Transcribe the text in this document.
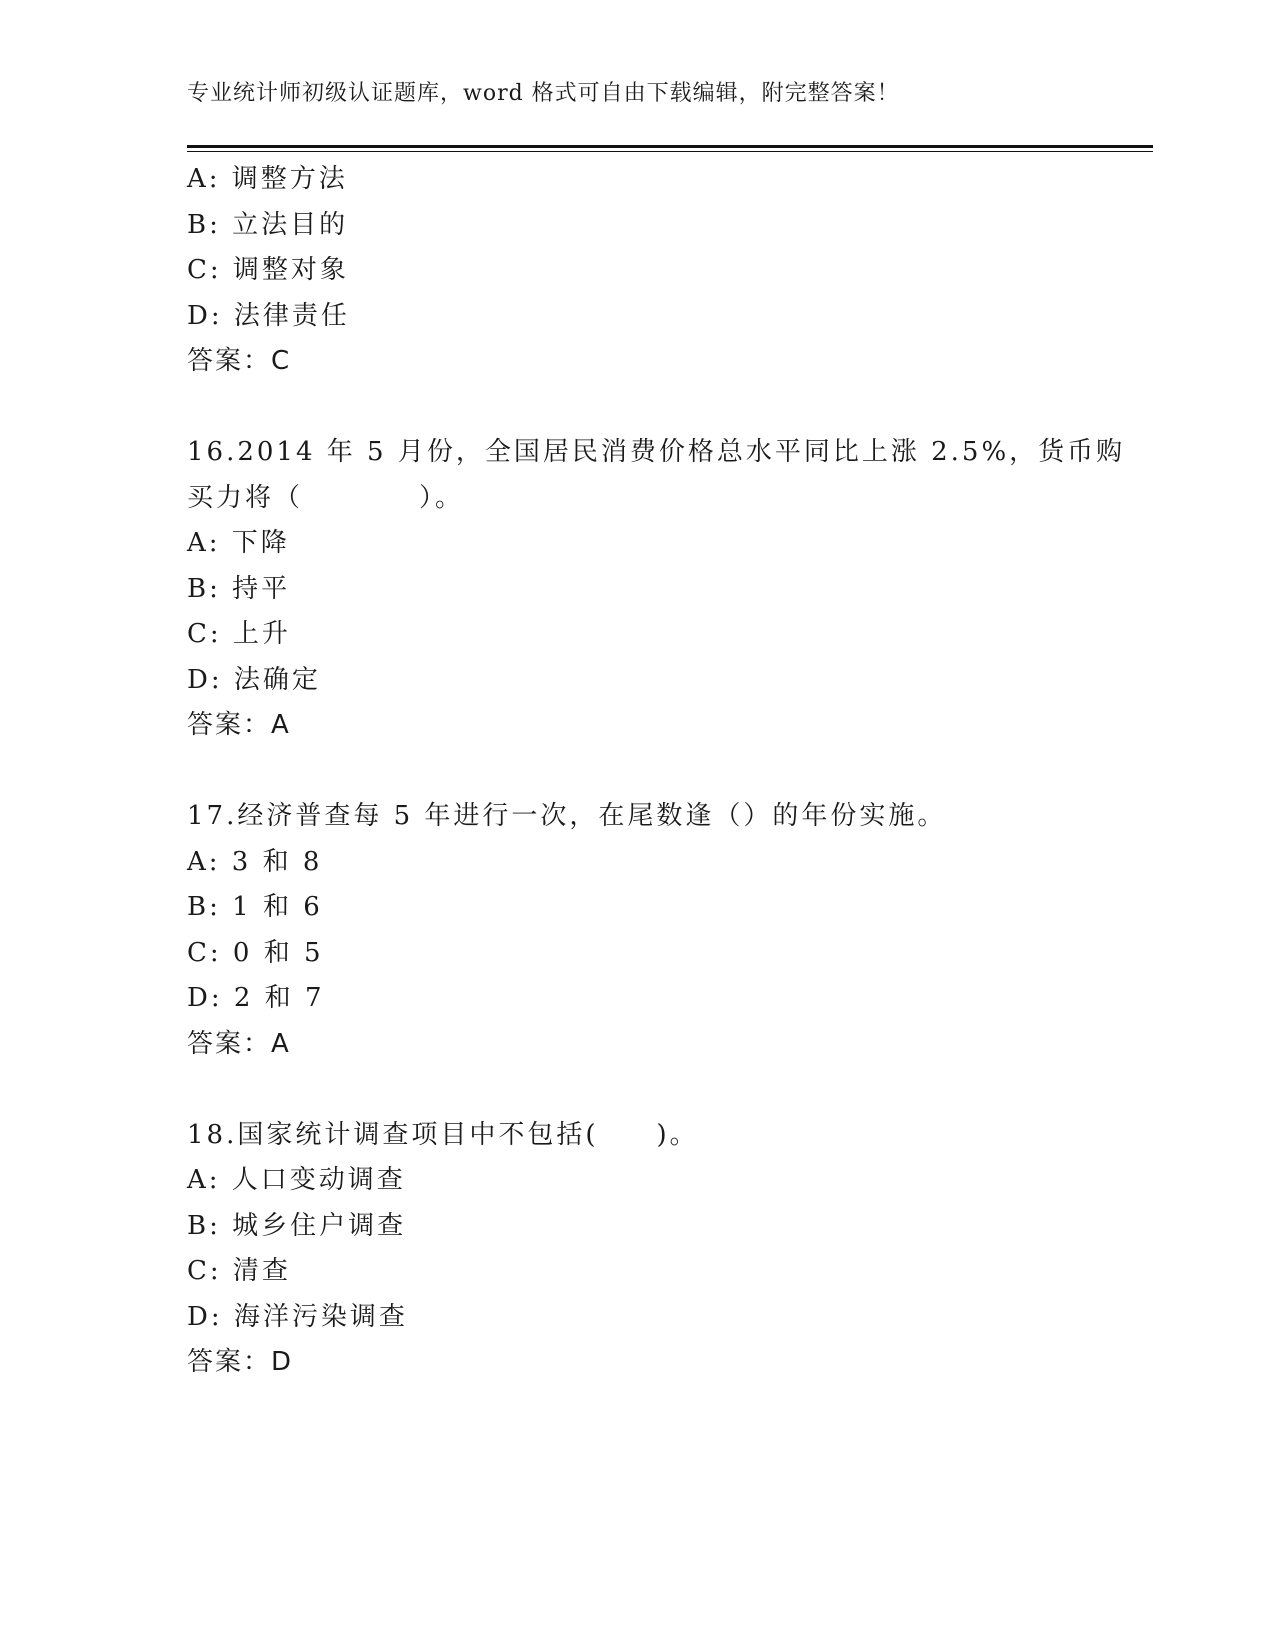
专业统计师初级认证题库，word 格式可自由下载编辑，附完整答案！
A: 调整方法
B: 立法目的
C: 调整对象
D: 法律责任
答案：C
16.2014 年 5 月份，全国居民消费价格总水平同比上涨 2.5%，货币购
买力将（　　　　）。
A: 下降
B: 持平
C: 上升
D: 法确定
答案：A
17.经济普查每 5 年进行一次，在尾数逢（）的年份实施。
A: 3 和 8
B: 1 和 6
C: 0 和 5
D: 2 和 7
答案：A
18.国家统计调查项目中不包括(　　)。
A: 人口变动调查
B: 城乡住户调查
C: 清查
D: 海洋污染调查
答案：D
